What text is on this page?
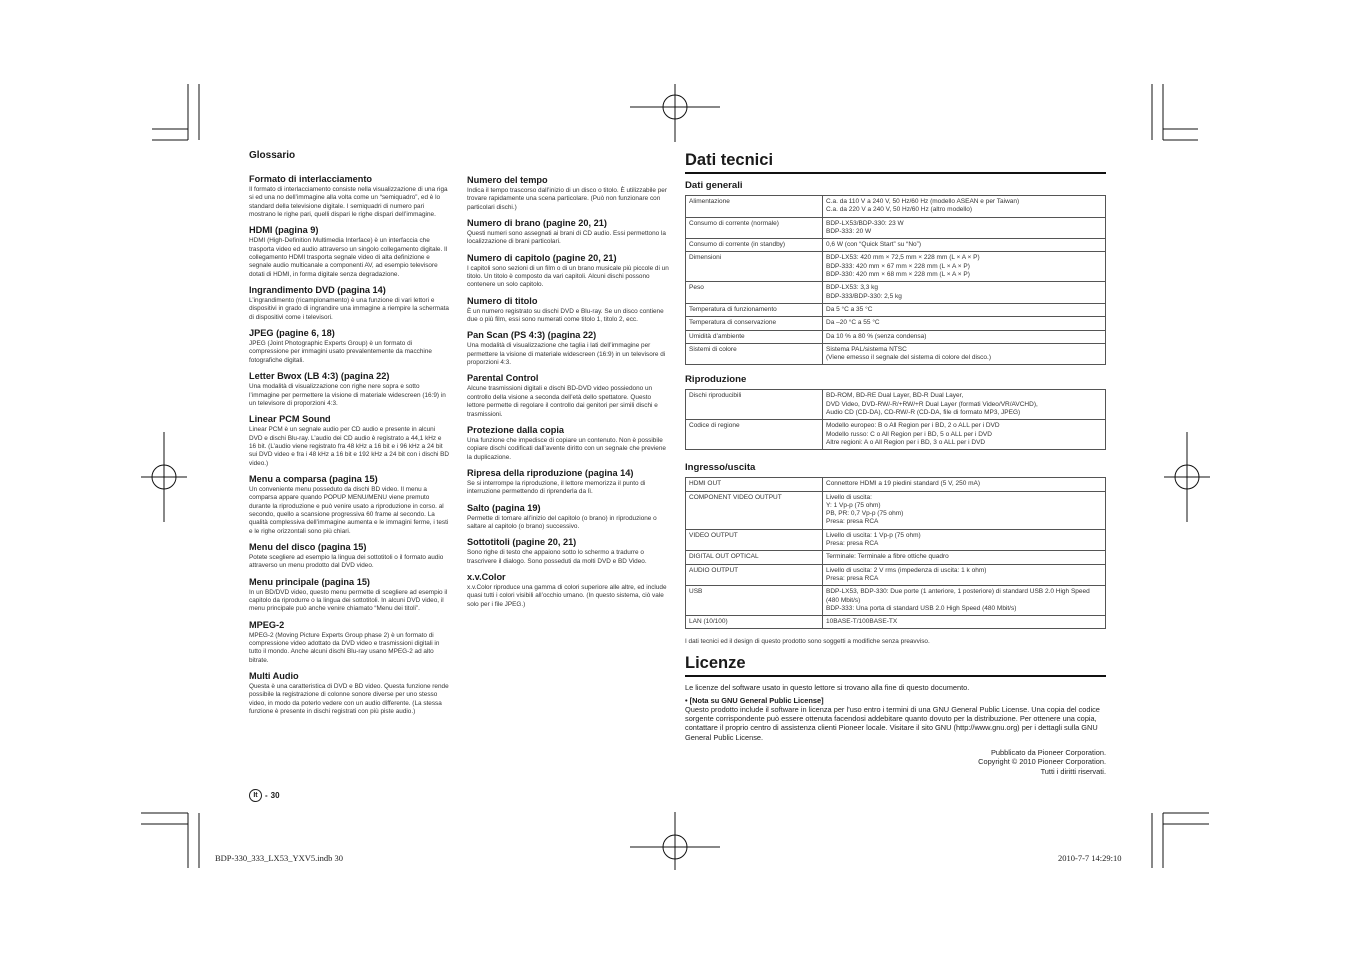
Glossario
Formato di interlacciamento

Il formato di interlacciamento consiste nella visualizzazione di una riga si ed una no dell’immagine alla volta come un “semiquadro”, ed è lo standard della televisione digitale. I semiquadri di numero pari mostrano le righe pari, quelli dispari le righe dispari dell’immagine.

HDMI (pagina 9)

HDMI (High-Definition Multimedia Interface) è un interfaccia che trasporta video ed audio attraverso un singolo collegamento digitale. Il collegamento HDMI trasporta segnale video di alta definizione e segnale audio multicanale a componenti AV, ad esempio televisore dotati di HDMI, in forma digitale senza degradazione.

Ingrandimento DVD (pagina 14)

L’ingrandimento (ricampionamento) è una funzione di vari lettori e dispositivi in grado di ingrandire una immagine a riempire la schermata di dispositivi come i televisori.

JPEG (pagine 6, 18)

JPEG (Joint Photographic Experts Group) è un formato di compressione per immagini usato prevalentemente da macchine fotografiche digitali.

Letter Bwox (LB 4:3) (pagina 22)

Una modalità di visualizzazione con righe nere sopra e sotto l’immagine per permettere la visione di materiale widescreen (16:9) in un televisore di proporzioni 4:3.

Linear PCM Sound

Linear PCM è un segnale audio per CD audio e presente in alcuni DVD e dischi Blu-ray. L’audio dei CD audio è registrato a 44,1 kHz e 16 bit. (L’audio viene registrato fra 48 kHz a 16 bit e i 96 kHz a 24 bit sui DVD video e fra i 48 kHz a 16 bit e 192 kHz a 24 bit con i dischi BD video.)

Menu a comparsa (pagina 15)

Un conveniente menu posseduto da dischi BD video. Il menu a comparsa appare quando POPUP MENU/MENU viene premuto durante la riproduzione e può venire usato a riproduzione in corso. al secondo, quello a scansione progressiva 60 frame al secondo. La qualità complessiva dell’immagine aumenta e le immagini ferme, i testi e le righe orizzontali sono più chiari.

Menu del disco (pagina 15)

Potete scegliere ad esempio la lingua dei sottotitoli o il formato audio attraverso un menu prodotto dal DVD video.

Menu principale (pagina 15)

In un BD/DVD video, questo menu permette di scegliere ad esempio il capitolo da riprodurre o la lingua dei sottotitoli. In alcuni DVD video, il menu principale può anche venire chiamato “Menu dei titoli”.

MPEG-2

MPEG-2 (Moving Picture Experts Group phase 2) è un formato di compressione video adottato da DVD video e trasmissioni digitali in tutto il mondo. Anche alcuni dischi Blu-ray usano MPEG-2 ad alto bitrate.

Multi Audio

Questa è una caratteristica di DVD e BD video. Questa funzione rende possibile la registrazione di colonne sonore diverse per uno stesso video, in modo da poterlo vedere con un audio differente. (La stessa funzione è presente in dischi registrati con più piste audio.)

Numero del tempo

Indica il tempo trascorso dall’inizio di un disco o titolo. È utilizzabile per trovare rapidamente una scena particolare. (Può non funzionare con particolari dischi.)

Numero di brano (pagine 20, 21)

Questi numeri sono assegnati ai brani di CD audio. Essi permettono la localizzazione di brani particolari.

Numero di capitolo (pagine 20, 21)

I capitoli sono sezioni di un film o di un brano musicale più piccole di un titolo. Un titolo è composto da vari capitoli. Alcuni dischi possono contenere un solo capitolo.

Numero di titolo

È un numero registrato su dischi DVD e Blu-ray. Se un disco contiene due o più film, essi sono numerati come titolo 1, titolo 2, ecc.

Pan Scan (PS 4:3) (pagina 22)

Una modalità di visualizzazione che taglia i lati dell’immagine per permettere la visione di materiale widescreen (16:9) in un televisore di proporzioni 4:3.

Parental Control

Alcune trasmissioni digitali e dischi BD-DVD video possiedono un controllo della visione a seconda dell’età dello spettatore. Questo lettore permette di regolare il controllo dai genitori per simili dischi e trasmissioni.

Protezione dalla copia

Una funzione che impedisce di copiare un contenuto. Non è possibile copiare dischi codificati dall’avente diritto con un segnale che previene la duplicazione.

Ripresa della riproduzione (pagina 14)

Se si interrompe la riproduzione, il lettore memorizza il punto di interruzione permettendo di riprenderla da lì.

Salto (pagina 19)

Permette di tornare all’inizio del capitolo (o brano) in riproduzione o saltare al capitolo (o brano) successivo.

Sottotitoli (pagine 20, 21)

Sono righe di testo che appaiono sotto lo schermo a tradurre o trascrivere il dialogo. Sono posseduti da molti DVD e BD Video.

x.v.Color

x.v.Color riproduce una gamma di colori superiore alle altre, ed include quasi tutti i colori visibili all’occhio umano. (In questo sistema, ciò vale solo per i file JPEG.)

Dati tecnici
Dati generali
Alimentazione	C.a. da 110 V a 240 V, 50 Hz/60 Hz (modello ASEAN e per Taiwan)
C.a. da 220 V a 240 V, 50 Hz/60 Hz (altro modello)
Consumo di corrente (normale)	BDP-LX53/BDP-330: 23 W
BDP-333: 20 W
Consumo di corrente (in standby)	0,6 W (con “Quick Start” su “No”)
Dimensioni	BDP-LX53: 420 mm × 72,5 mm × 228 mm (L × A × P)
BDP-333: 420 mm × 67 mm × 228 mm (L × A × P)
BDP-330: 420 mm × 68 mm × 228 mm (L × A × P)
Peso	BDP-LX53: 3,3 kg
BDP-333/BDP-330: 2,5 kg
Temperatura di funzionamento	Da 5 °C a 35 °C
Temperatura di conservazione	Da –20 °C a 55 °C
Umidità d’ambiente	Da 10 % a 80 % (senza condensa)
Sistemi di colore	Sistema PAL/sistema NTSC
(Viene emesso il segnale del sistema di colore del disco.)
Riproduzione
Dischi riproducibili	BD-ROM, BD-RE Dual Layer, BD-R Dual Layer,
DVD Video, DVD-RW/-R/+RW/+R Dual Layer (formati Video/VR/AVCHD),
Audio CD (CD-DA), CD-RW/-R (CD-DA, file di formato MP3, JPEG)
Codice di regione	Modello europeo: B o All Region per i BD, 2 o ALL per i DVD
Modello russo: C o All Region per i BD, 5 o ALL per i DVD
Altre regioni: A o All Region per i BD, 3 o ALL per i DVD
Ingresso/uscita
HDMI OUT	Connettore HDMI a 19 piedini standard (5 V, 250 mA)
COMPONENT VIDEO OUTPUT	Livello di uscita:
Y: 1 Vp-p (75 ohm)
PB, PR: 0,7 Vp-p (75 ohm)
Presa: presa RCA
VIDEO OUTPUT	Livello di uscita: 1 Vp-p (75 ohm)
Presa: presa RCA
DIGITAL OUT OPTICAL	Terminale: Terminale a fibre ottiche quadro
AUDIO OUTPUT	Livello di uscita: 2 V rms (impedenza di uscita: 1 k ohm)
Presa: presa RCA
USB	BDP-LX53, BDP-330: Due porte (1 anteriore, 1 posteriore) di standard USB 2.0 High Speed (480 Mbit/s)
BDP-333: Una porta di standard USB 2.0 High Speed (480 Mbit/s)
LAN (10/100)	10BASE-T/100BASE-TX

I dati tecnici ed il design di questo prodotto sono soggetti a modifiche senza preavviso.

Licenze

Le licenze del software usato in questo lettore si trovano alla fine di questo documento.

• [Nota su GNU General Public License]

Questo prodotto include il software in licenza per l’uso entro i termini di una GNU General Public License. Una copia del codice sorgente corrispondente può essere ottenuta facendosi addebitare quanto dovuto per la distribuzione. Per ottenere una copia, contattare il proprio centro di assistenza clienti Pioneer locale. Visitare il sito GNU (http://www.gnu.org) per i dettagli sulla GNU General Public License.

Pubblicato da Pioneer Corporation.
Copyright © 2010 Pioneer Corporation.
Tutti i diritti riservati.
It - 30
BDP-330_333_LX53_YXV5.indb 30	2010-7-7 14:29:10
